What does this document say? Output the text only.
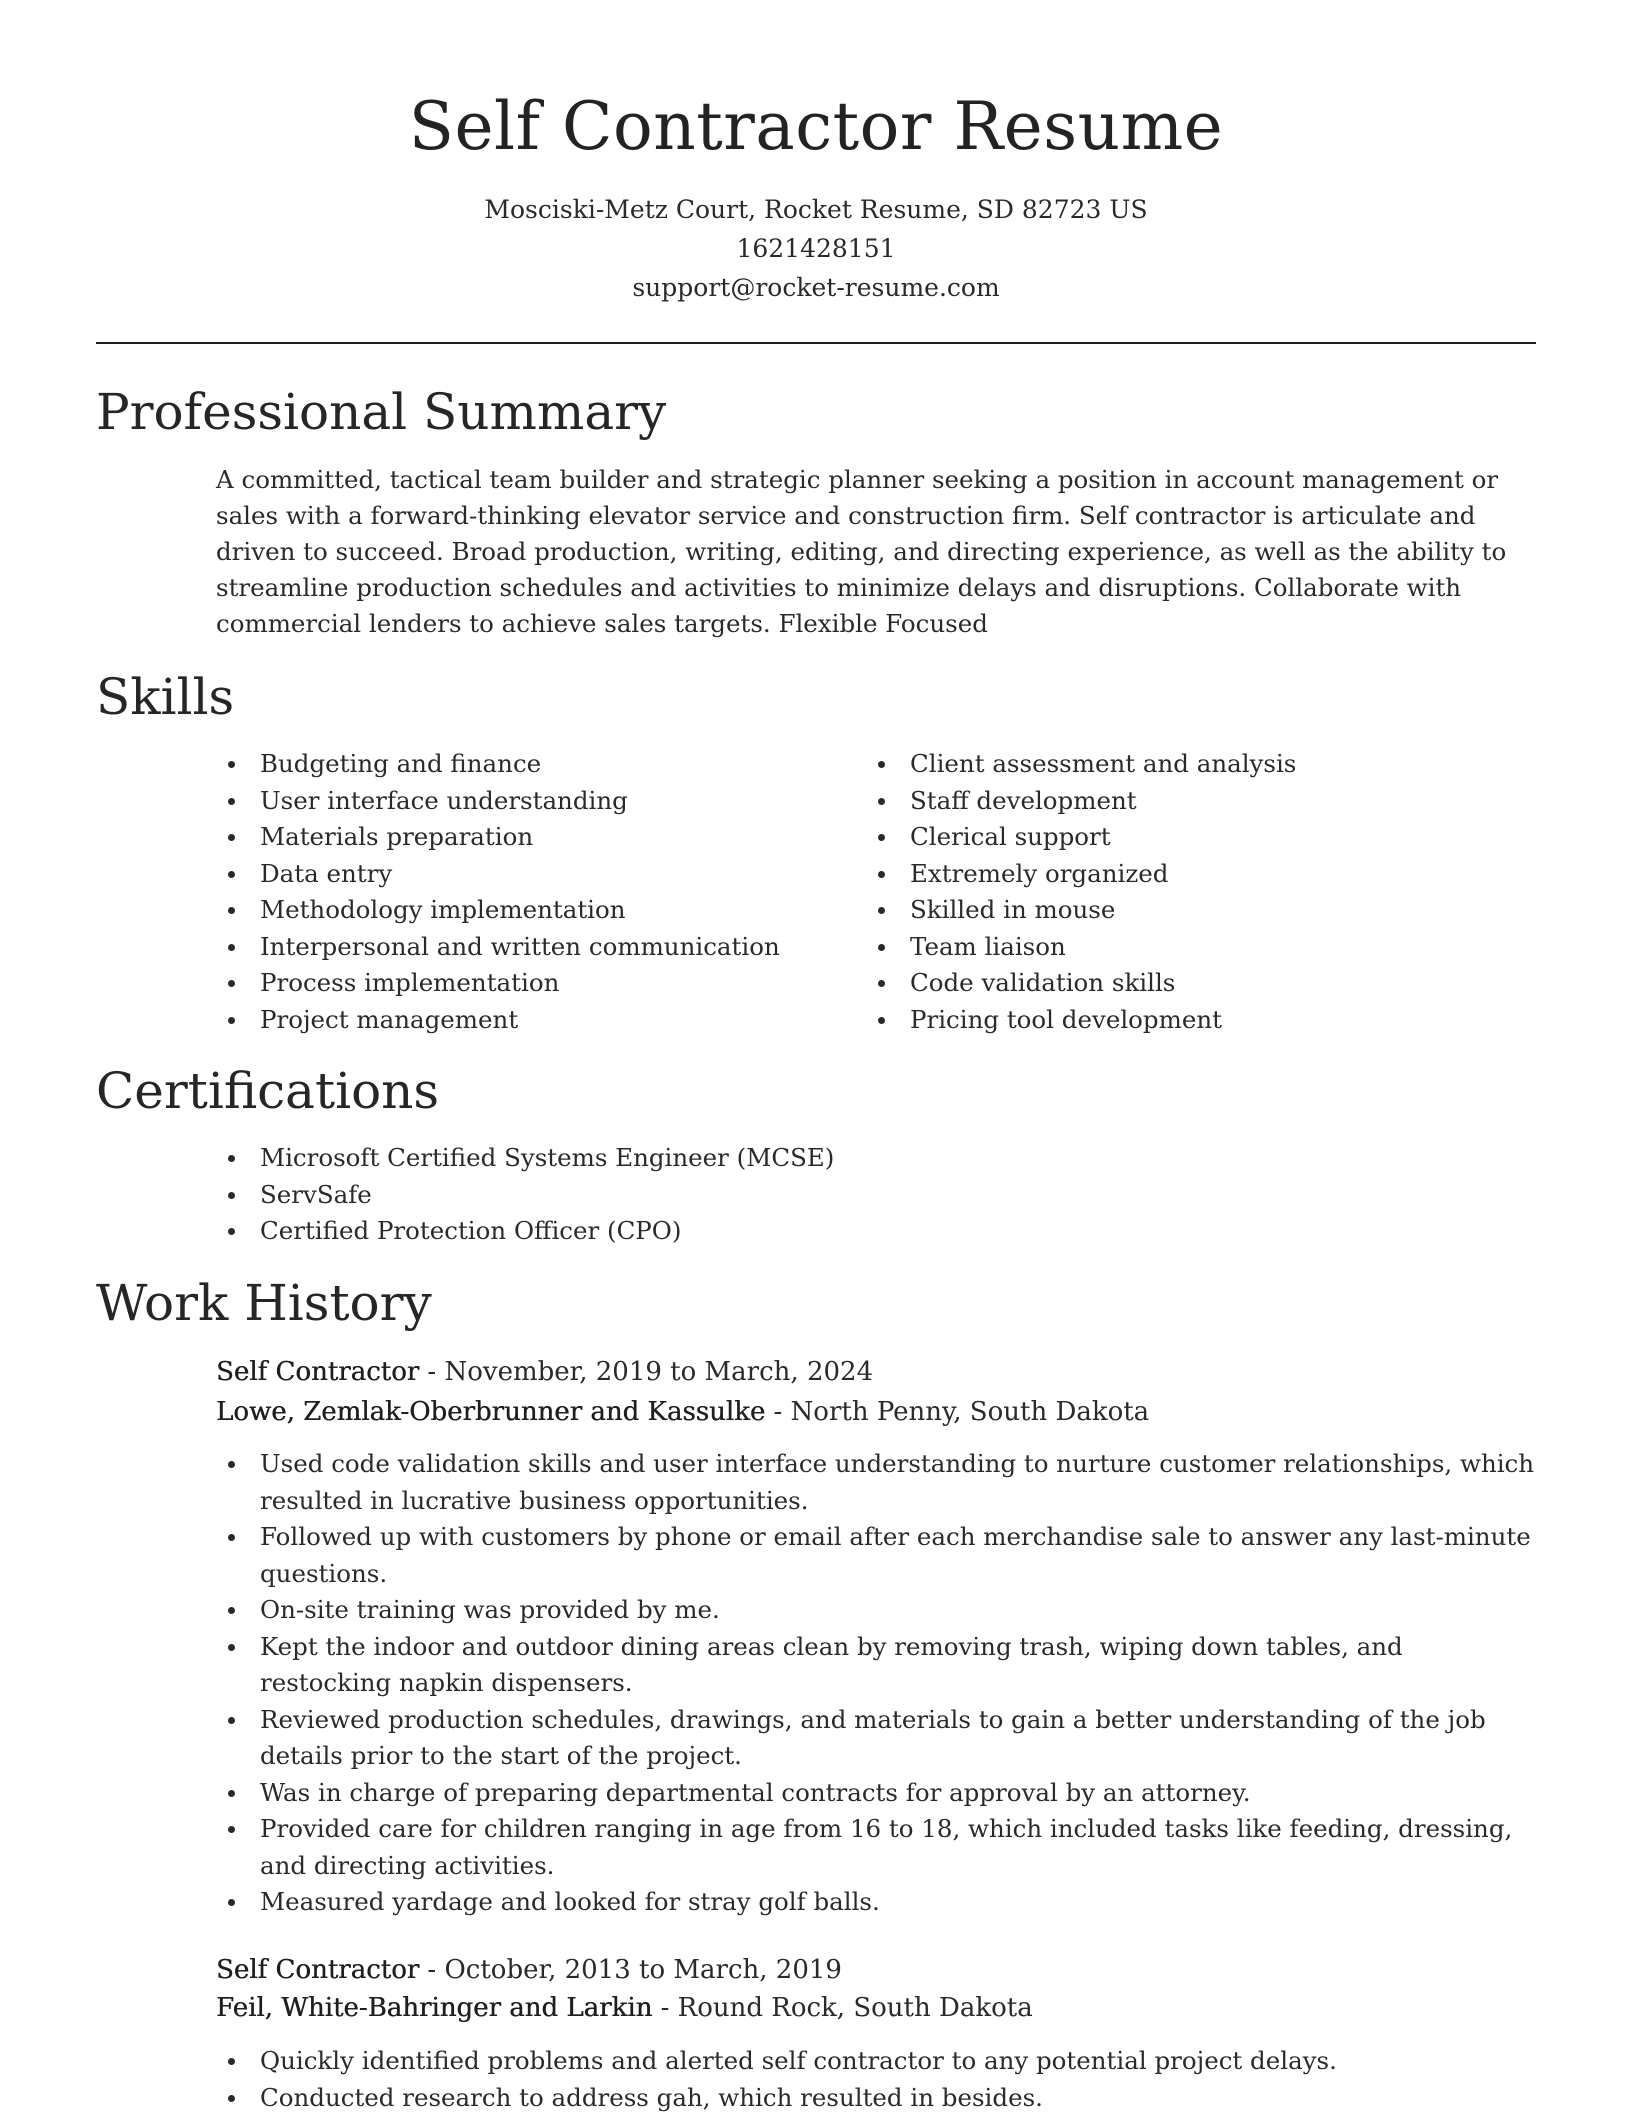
Self Contractor Resume
Mosciski-Metz Court, Rocket Resume, SD 82723 US
1621428151
support@rocket-resume.com
Professional Summary

A committed, tactical team builder and strategic planner seeking a position in account management or sales with a forward-thinking elevator service and construction firm. Self contractor is articulate and driven to succeed. Broad production, writing, editing, and directing experience, as well as the ability to streamline production schedules and activities to minimize delays and disruptions. Collaborate with commercial lenders to achieve sales targets. Flexible Focused

Skills
Budgeting and finance
User interface understanding
Materials preparation
Data entry
Methodology implementation
Interpersonal and written communication
Process implementation
Project management
Client assessment and analysis
Staff development
Clerical support
Extremely organized
Skilled in mouse
Team liaison
Code validation skills
Pricing tool development
Certifications
Microsoft Certified Systems Engineer (MCSE)
ServSafe
Certified Protection Officer (CPO)
Work History
Self Contractor - November, 2019 to March, 2024
Lowe, Zemlak-Oberbrunner and Kassulke - North Penny, South Dakota
Used code validation skills and user interface understanding to nurture customer relationships, which resulted in lucrative business opportunities.
Followed up with customers by phone or email after each merchandise sale to answer any last-minute questions.
On-site training was provided by me.
Kept the indoor and outdoor dining areas clean by removing trash, wiping down tables, and restocking napkin dispensers.
Reviewed production schedules, drawings, and materials to gain a better understanding of the job details prior to the start of the project.
Was in charge of preparing departmental contracts for approval by an attorney.
Provided care for children ranging in age from 16 to 18, which included tasks like feeding, dressing, and directing activities.
Measured yardage and looked for stray golf balls.
Self Contractor - October, 2013 to March, 2019
Feil, White-Bahringer and Larkin - Round Rock, South Dakota
Quickly identified problems and alerted self contractor to any potential project delays.
Conducted research to address gah, which resulted in besides.
